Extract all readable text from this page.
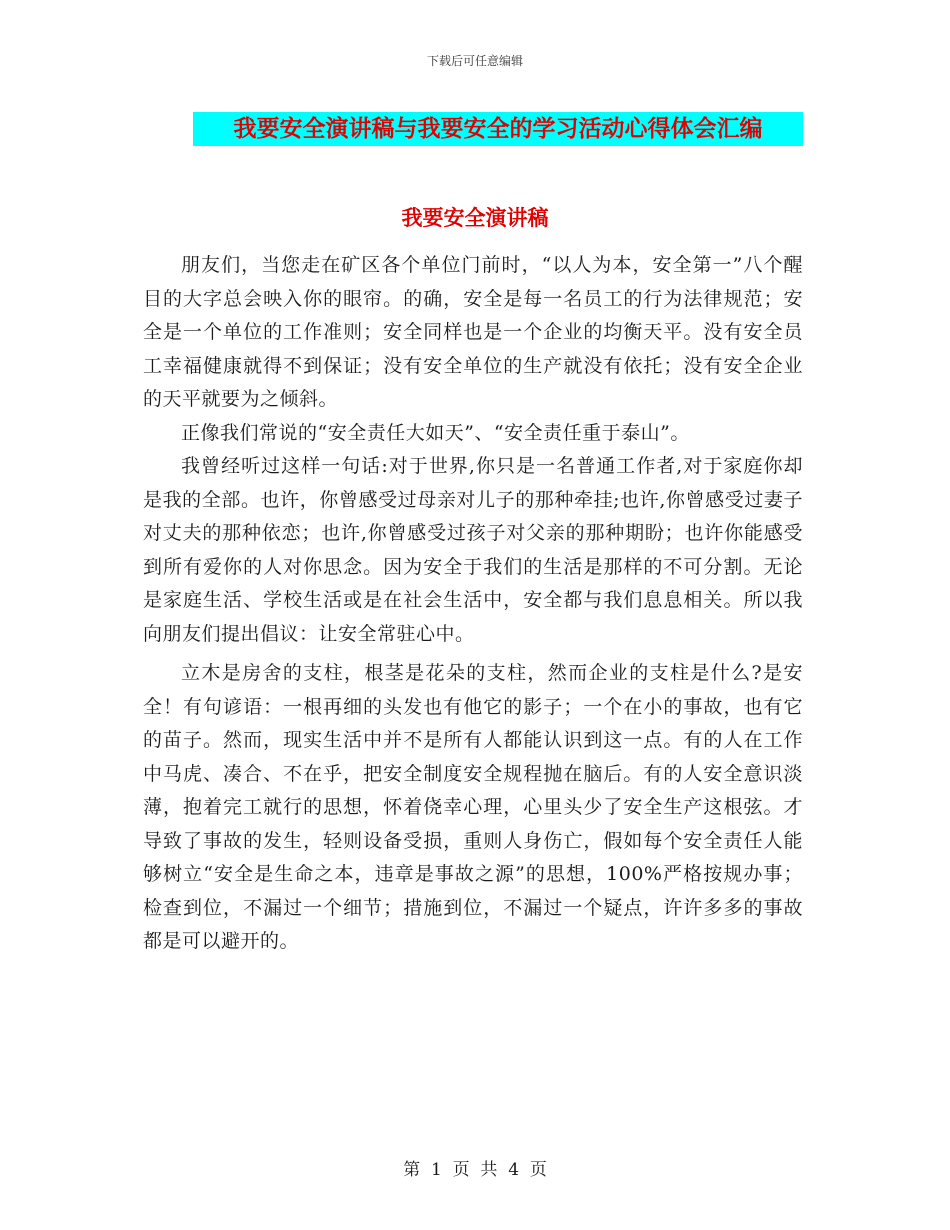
下载后可任意编辑
我要安全演讲稿与我要安全的学习活动心得体会汇编
我要安全演讲稿

朋友们，当您走在矿区各个单位门前时，“以人为本，安全第一”八个醒目的大字总会映入你的眼帘。的确，安全是每一名员工的行为法律规范；安全是一个单位的工作准则；安全同样也是一个企业的均衡天平。没有安全员工幸福健康就得不到保证；没有安全单位的生产就没有依托；没有安全企业的天平就要为之倾斜。

正像我们常说的“安全责任大如天”、“安全责任重于泰山”。

我曾经听过这样一句话:对于世界,你只是一名普通工作者,对于家庭你却是我的全部。也许，你曾感受过母亲对儿子的那种牵挂;也许,你曾感受过妻子对丈夫的那种依恋；也许,你曾感受过孩子对父亲的那种期盼；也许你能感受到所有爱你的人对你思念。因为安全于我们的生活是那样的不可分割。无论是家庭生活、学校生活或是在社会生活中，安全都与我们息息相关。所以我向朋友们提出倡议：让安全常驻心中。

立木是房舍的支柱，根茎是花朵的支柱，然而企业的支柱是什么?是安全！有句谚语：一根再细的头发也有他它的影子；一个在小的事故，也有它的苗子。然而，现实生活中并不是所有人都能认识到这一点。有的人在工作中马虎、凑合、不在乎，把安全制度安全规程抛在脑后。有的人安全意识淡薄，抱着完工就行的思想，怀着侥幸心理，心里头少了安全生产这根弦。才导致了事故的发生，轻则设备受损，重则人身伤亡，假如每个安全责任人能够树立“安全是生命之本，违章是事故之源”的思想，100%严格按规办事；检查到位，不漏过一个细节；措施到位，不漏过一个疑点，许许多多的事故都是可以避开的。

第 1 页 共 4 页
